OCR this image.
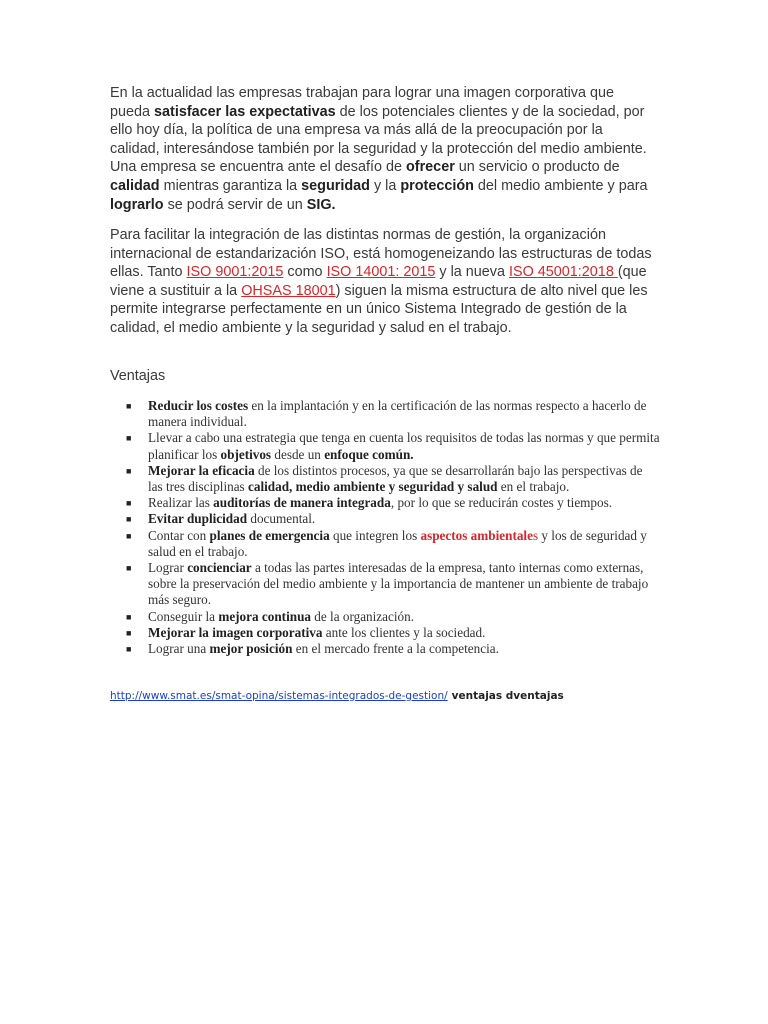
En la actualidad las empresas trabajan para lograr una imagen corporativa que pueda satisfacer las expectativas de los potenciales clientes y de la sociedad, por ello hoy día, la política de una empresa va más allá de la preocupación por la calidad, interesándose también por la seguridad y la protección del medio ambiente. Una empresa se encuentra ante el desafío de ofrecer un servicio o producto de calidad mientras garantiza la seguridad y la protección del medio ambiente y para lograrlo se podrá servir de un SIG.

Para facilitar la integración de las distintas normas de gestión, la organización internacional de estandarización ISO, está homogeneizando las estructuras de todas ellas. Tanto ISO 9001:2015 como ISO 14001: 2015 y la nueva ISO 45001:2018 (que viene a sustituir a la OHSAS 18001) siguen la misma estructura de alto nivel que les permite integrarse perfectamente en un único Sistema Integrado de gestión de la calidad, el medio ambiente y la seguridad y salud en el trabajo.

Ventajas

■ Reducir los costes en la implantación y en la certificación de las normas respecto a hacerlo de manera individual.
■ Llevar a cabo una estrategia que tenga en cuenta los requisitos de todas las normas y que permita planificar los objetivos desde un enfoque común.
■ Mejorar la eficacia de los distintos procesos, ya que se desarrollarán bajo las perspectivas de las tres disciplinas calidad, medio ambiente y seguridad y salud en el trabajo.
■ Realizar las auditorías de manera integrada, por lo que se reducirán costes y tiempos.
■ Evitar duplicidad documental.
■ Contar con planes de emergencia que integren los aspectos ambientales y los de seguridad y salud en el trabajo.
■ Lograr concienciar a todas las partes interesadas de la empresa, tanto internas como externas, sobre la preservación del medio ambiente y la importancia de mantener un ambiente de trabajo más seguro.
■ Conseguir la mejora continua de la organización.
■ Mejorar la imagen corporativa ante los clientes y la sociedad.
■ Lograr una mejor posición en el mercado frente a la competencia.
http://www.smat.es/smat-opina/sistemas-integrados-de-gestion/ ventajas dventajas
